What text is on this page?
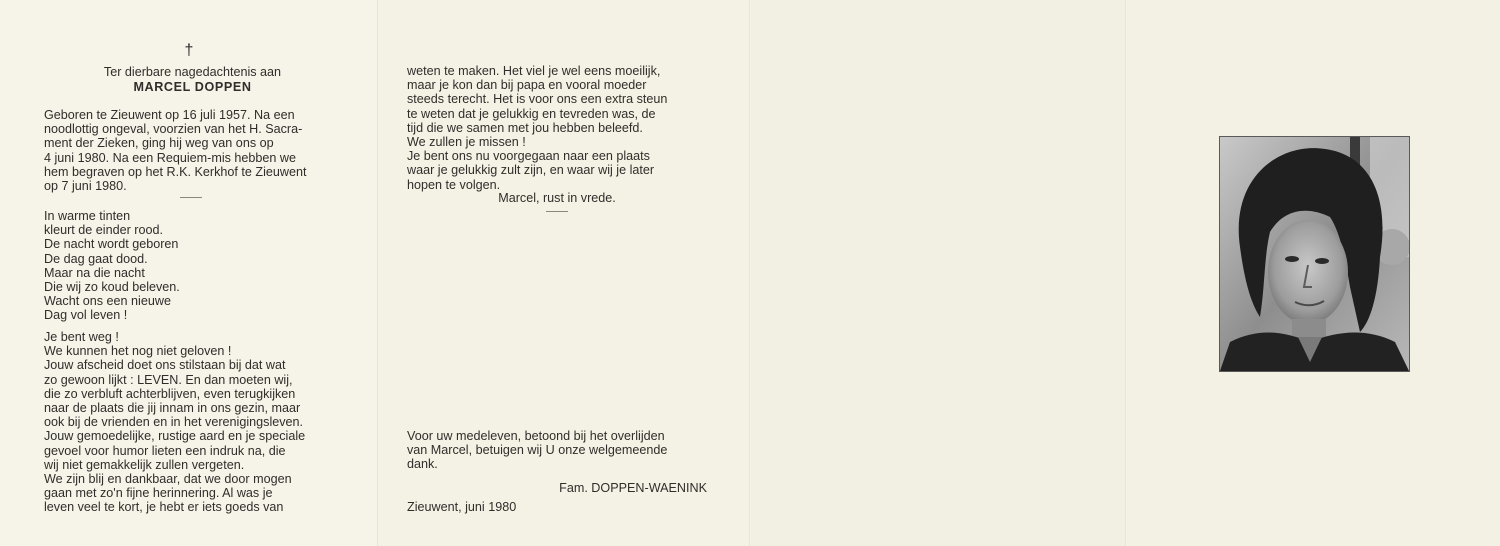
†
Ter dierbare nagedachtenis aan
MARCEL DOPPEN
Geboren te Zieuwent op 16 juli 1957. Na een
noodlottig ongeval, voorzien van het H. Sacra-
ment der Zieken, ging hij weg van ons op
4 juni 1980. Na een Requiem-mis hebben we
hem begraven op het R.K. Kerkhof te Zieuwent
op 7 juni 1980.
In warme tinten
kleurt de einder rood.
De nacht wordt geboren
De dag gaat dood.
Maar na die nacht
Die wij zo koud beleven.
Wacht ons een nieuwe
Dag vol leven !
Je bent weg !
We kunnen het nog niet geloven !
Jouw afscheid doet ons stilstaan bij dat wat
zo gewoon lijkt : LEVEN. En dan moeten wij,
die zo verbluft achterblijven, even terugkijken
naar de plaats die jij innam in ons gezin, maar
ook bij de vrienden en in het verenigingsleven.
Jouw gemoedelijke, rustige aard en je speciale
gevoel voor humor lieten een indruk na, die
wij niet gemakkelijk zullen vergeten.
We zijn blij en dankbaar, dat we door mogen
gaan met zo'n fijne herinnering. Al was je
leven veel te kort, je hebt er iets goeds van
weten te maken. Het viel je wel eens moeilijk,
maar je kon dan bij papa en vooral moeder
steeds terecht. Het is voor ons een extra steun
te weten dat je gelukkig en tevreden was, de
tijd die we samen met jou hebben beleefd.
We zullen je missen !
Je bent ons nu voorgegaan naar een plaats
waar je gelukkig zult zijn, en waar wij je later
hopen te volgen.
Marcel, rust in vrede.
Voor uw medeleven, betoond bij het overlijden
van Marcel, betuigen wij U onze welgemeende
dank.
Fam. DOPPEN-WAENINK
Zieuwent, juni 1980
